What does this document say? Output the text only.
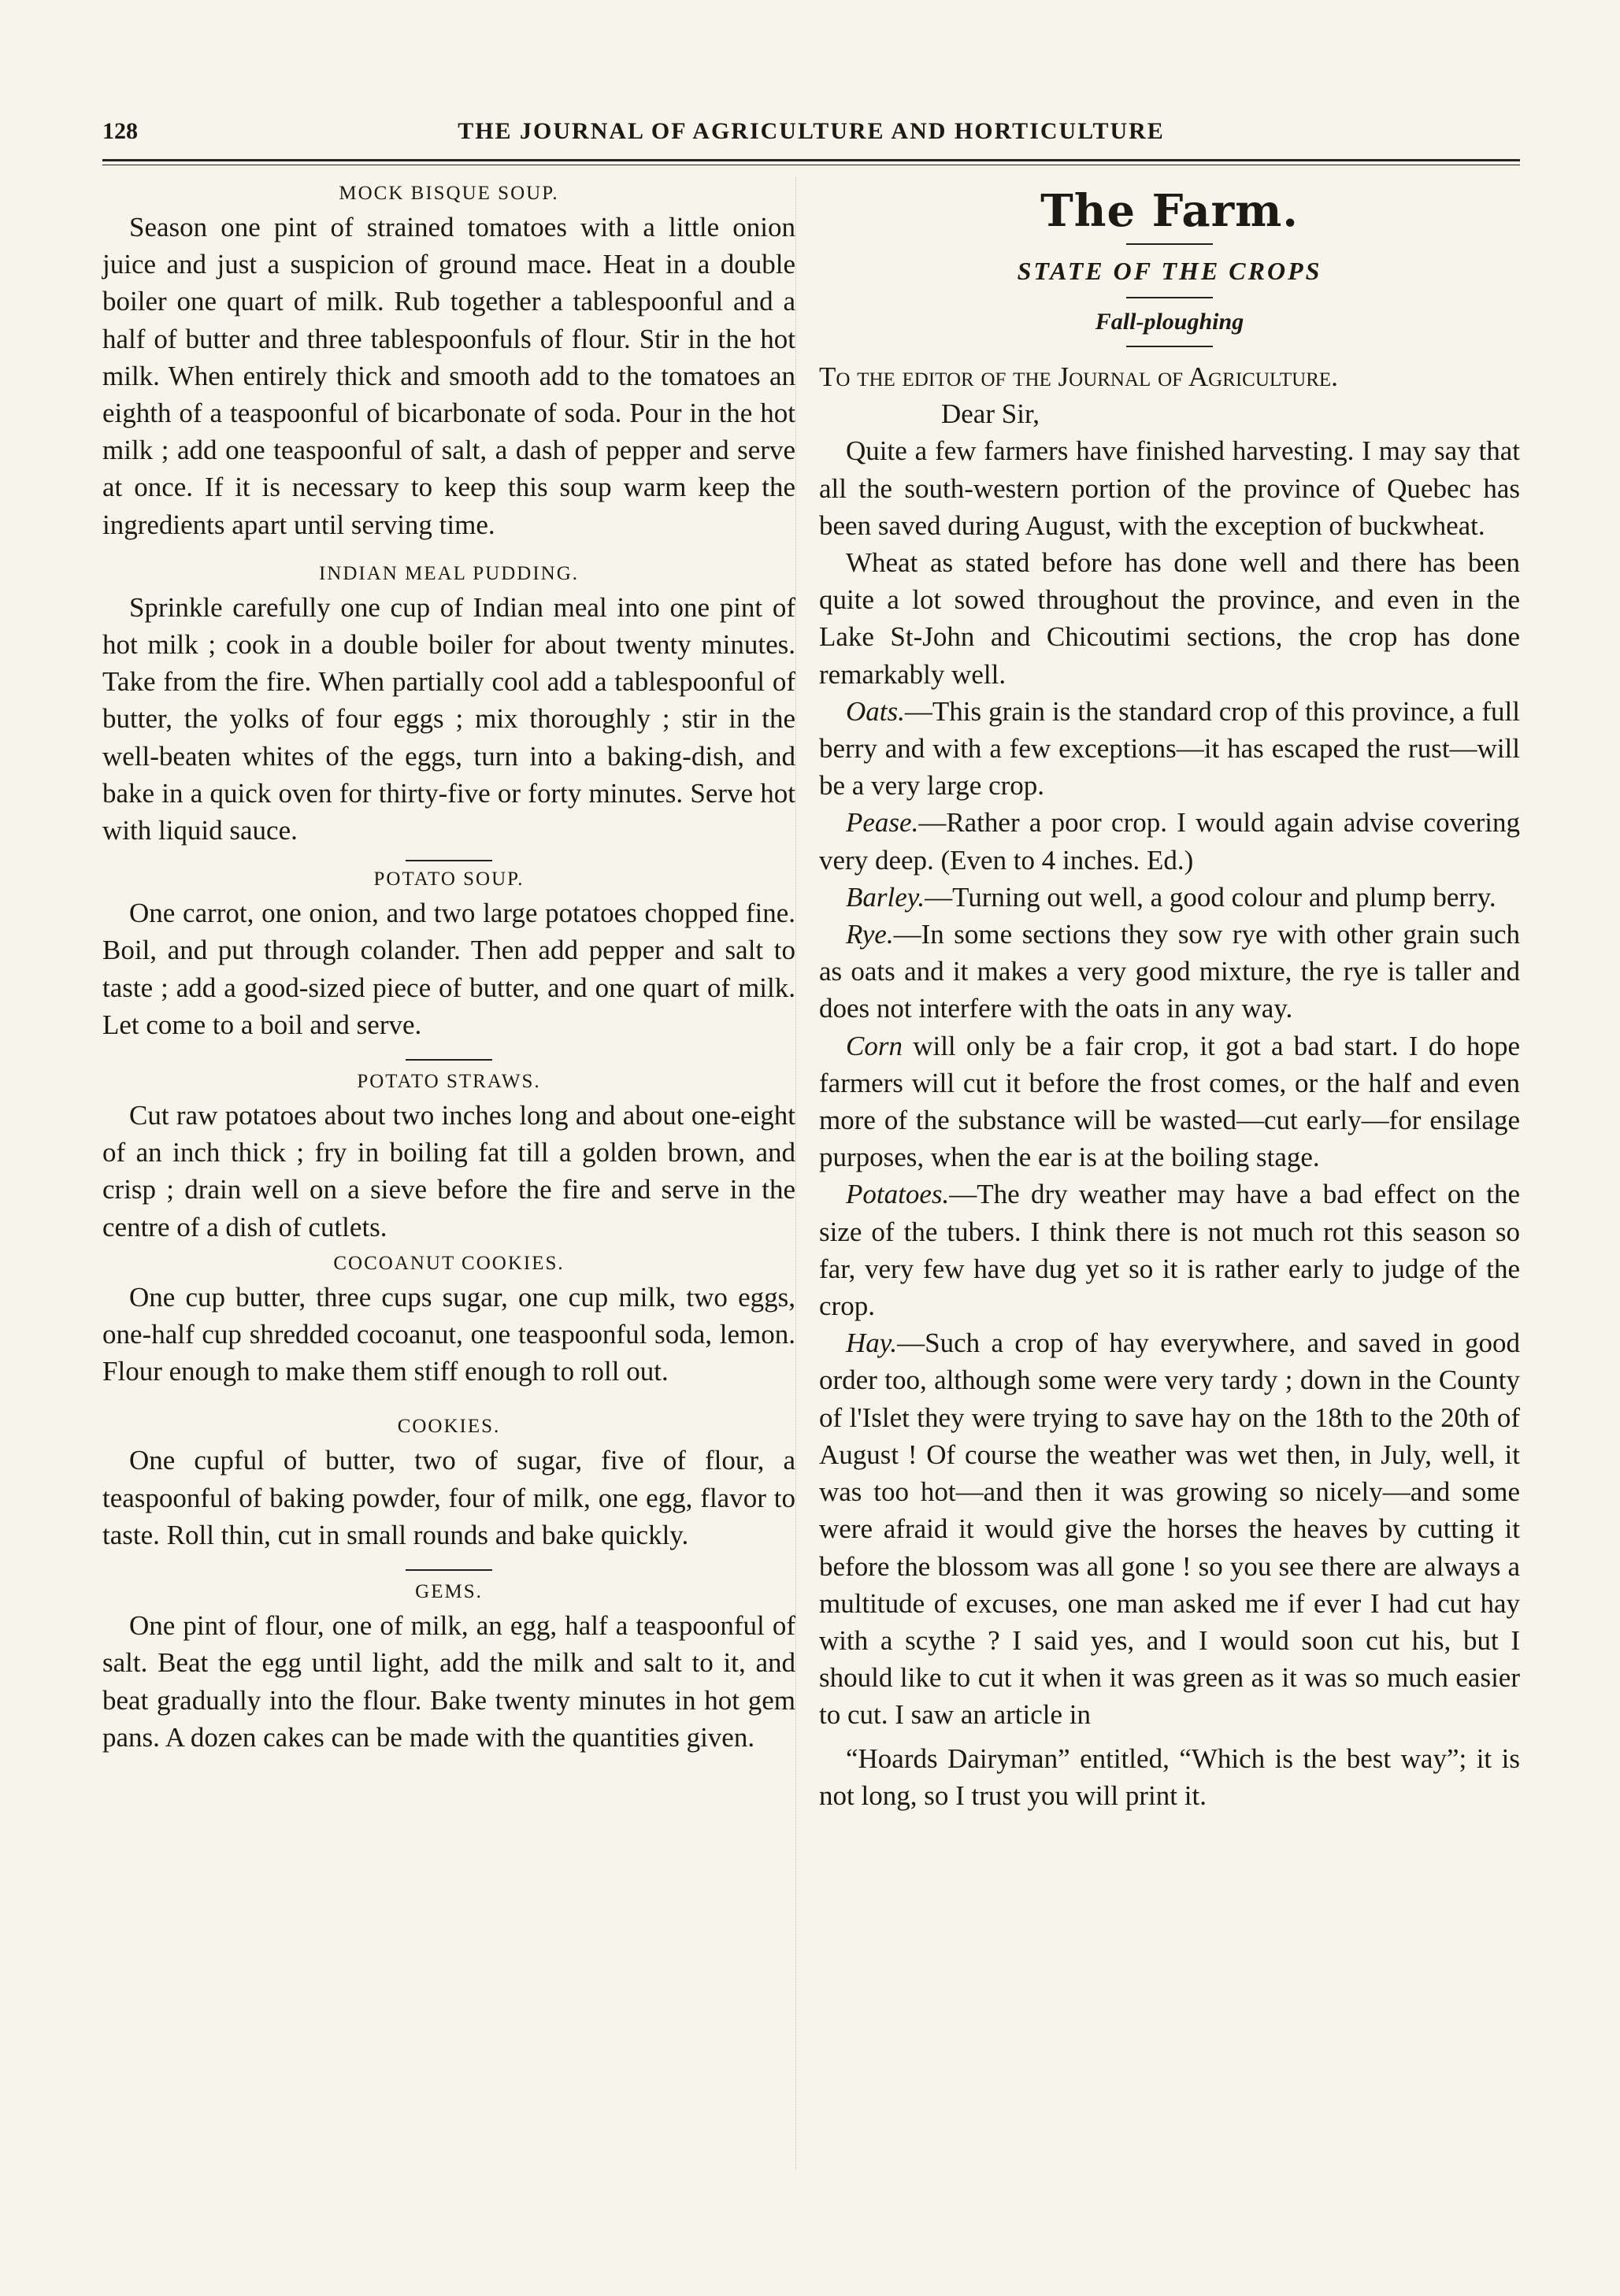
128	THE JOURNAL OF AGRICULTURE AND HORTICULTURE
MOCK BISQUE SOUP.

Season one pint of strained tomatoes with a little onion juice and just a suspicion of ground mace. Heat in a double boiler one quart of milk. Rub together a tablespoonful and a half of butter and three tablespoonfuls of flour. Stir in the hot milk. When entirely thick and smooth add to the tomatoes an eighth of a teaspoonful of bicarbonate of soda. Pour in the hot milk ; add one teaspoonful of salt, a dash of pepper and serve at once. If it is necessary to keep this soup warm keep the ingredients apart until serving time.

INDIAN MEAL PUDDING.

Sprinkle carefully one cup of Indian meal into one pint of hot milk ; cook in a double boiler for about twenty minutes. Take from the fire. When partially cool add a tablespoonful of butter, the yolks of four eggs ; mix thoroughly ; stir in the well-beaten whites of the eggs, turn into a baking-dish, and bake in a quick oven for thirty-five or forty minutes. Serve hot with liquid sauce.

POTATO SOUP.

One carrot, one onion, and two large potatoes chopped fine. Boil, and put through colander. Then add pepper and salt to taste ; add a good-sized piece of butter, and one quart of milk. Let come to a boil and serve.

POTATO STRAWS.

Cut raw potatoes about two inches long and about one-eight of an inch thick ; fry in boiling fat till a golden brown, and crisp ; drain well on a sieve before the fire and serve in the centre of a dish of cutlets.

COCOANUT COOKIES.

One cup butter, three cups sugar, one cup milk, two eggs, one-half cup shredded cocoanut, one teaspoonful soda, lemon. Flour enough to make them stiff enough to roll out.

COOKIES.

One cupful of butter, two of sugar, five of flour, a teaspoonful of baking powder, four of milk, one egg, flavor to taste. Roll thin, cut in small rounds and bake quickly.

GEMS.

One pint of flour, one of milk, an egg, half a teaspoonful of salt. Beat the egg until light, add the milk and salt to it, and beat gradually into the flour. Bake twenty minutes in hot gem pans. A dozen cakes can be made with the quantities given.

The Farm.
STATE OF THE CROPS
Fall-ploughing

To the editor of the Journal of Agriculture.

Dear Sir,

Quite a few farmers have finished harvesting. I may say that all the south-western portion of the province of Quebec has been saved during August, with the exception of buckwheat.

Wheat as stated before has done well and there has been quite a lot sowed throughout the province, and even in the Lake St-John and Chicoutimi sections, the crop has done remarkably well.

Oats.—This grain is the standard crop of this province, a full berry and with a few exceptions—it has escaped the rust—will be a very large crop.

Pease.—Rather a poor crop. I would again advise covering very deep. (Even to 4 inches. Ed.)

Barley.—Turning out well, a good colour and plump berry.

Rye.—In some sections they sow rye with other grain such as oats and it makes a very good mixture, the rye is taller and does not interfere with the oats in any way.

Corn will only be a fair crop, it got a bad start. I do hope farmers will cut it before the frost comes, or the half and even more of the substance will be wasted—cut early—for ensilage purposes, when the ear is at the boiling stage.

Potatoes.—The dry weather may have a bad effect on the size of the tubers. I think there is not much rot this season so far, very few have dug yet so it is rather early to judge of the crop.

Hay.—Such a crop of hay everywhere, and saved in good order too, although some were very tardy ; down in the County of l'Islet they were trying to save hay on the 18th to the 20th of August ! Of course the weather was wet then, in July, well, it was too hot—and then it was growing so nicely—and some were afraid it would give the horses the heaves by cutting it before the blossom was all gone ! so you see there are always a multitude of excuses, one man asked me if ever I had cut hay with a scythe ? I said yes, and I would soon cut his, but I should like to cut it when it was green as it was so much easier to cut. I saw an article in

“Hoards Dairyman” entitled, “Which is the best way”; it is not long, so I trust you will print it.
